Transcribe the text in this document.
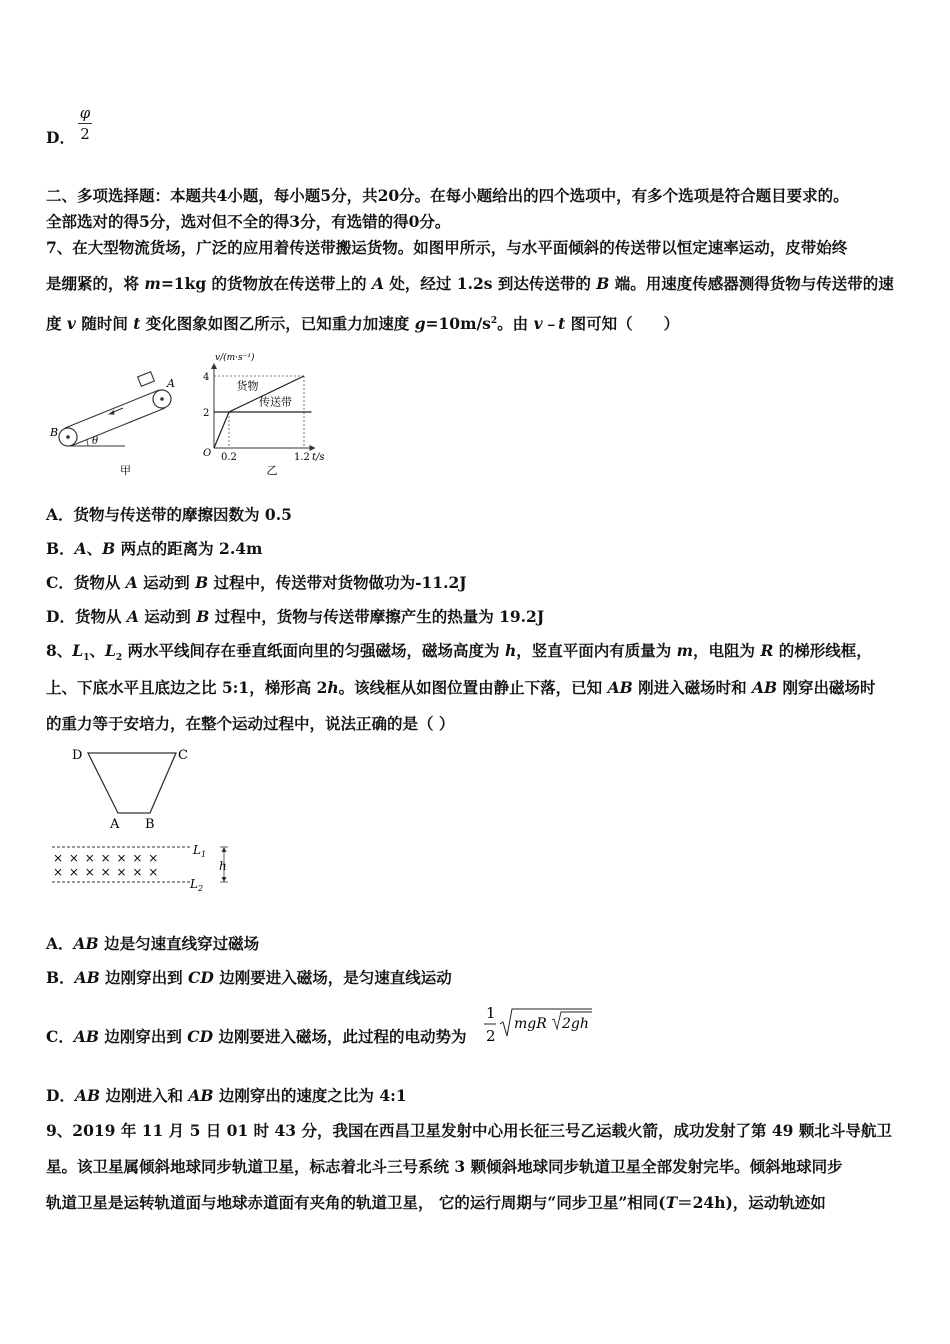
D．
φ
2
二、多项选择题：本题共4小题，每小题5分，共20分。在每小题给出的四个选项中，有多个选项是符合题目要求的。
全部选对的得5分，选对但不全的得3分，有选错的得0分。
7、在大型物流货场，广泛的应用着传送带搬运货物。如图甲所示，与水平面倾斜的传送带以恒定速率运动，皮带始终
是绷紧的，将 m=1kg 的货物放在传送带上的 A 处，经过 1.2s 到达传送带的 B 端。用速度传感器测得货物与传送带的速
度 v 随时间 t 变化图象如图乙所示，已知重力加速度 $g=10m/s^2$。由 v﹣t 图可知（　　）
θ
A
B
甲
v/(m·s⁻¹)
4
2
O 0.2	1.2 t/s
货物
传送带
乙
A．货物与传送带的摩擦因数为 0.5
B．A、B 两点的距离为 2.4m
C．货物从 A 运动到 B 过程中，传送带对货物做功为-11.2J
D．货物从 A 运动到 B 过程中，货物与传送带摩擦产生的热量为 19.2J
8、$L_1$、$L_2$ 两水平线间存在垂直纸面向里的匀强磁场，磁场高度为 h，竖直平面内有质量为 m，电阻为 R 的梯形线框，
上、下底水平且底边之比 5:1，梯形高 2h。该线框从如图位置由静止下落，已知 AB 刚进入磁场时和 AB 刚穿出磁场时
的重力等于安培力，在整个运动过程中，说法正确的是（ ）
D	C
A B
× × × × × × ×
× × × × × × ×
$L_1$
$L_2$
h
A．AB 边是匀速直线穿过磁场
B．AB 边刚穿出到 CD 边刚要进入磁场，是匀速直线运动
C．AB 边刚穿出到 CD 边刚要进入磁场，此过程的电动势为
1
2
mgR 2gh
D．AB 边刚进入和 AB 边刚穿出的速度之比为 4:1
9、2019 年 11 月 5 日 01 时 43 分，我国在西昌卫星发射中心用长征三号乙运载火箭，成功发射了第 49 颗北斗导航卫
星。该卫星属倾斜地球同步轨道卫星，标志着北斗三号系统 3 颗倾斜地球同步轨道卫星全部发射完毕。倾斜地球同步
轨道卫星是运转轨道面与地球赤道面有夹角的轨道卫星， 它的运行周期与“同步卫星”相同(T＝24h)，运动轨迹如
